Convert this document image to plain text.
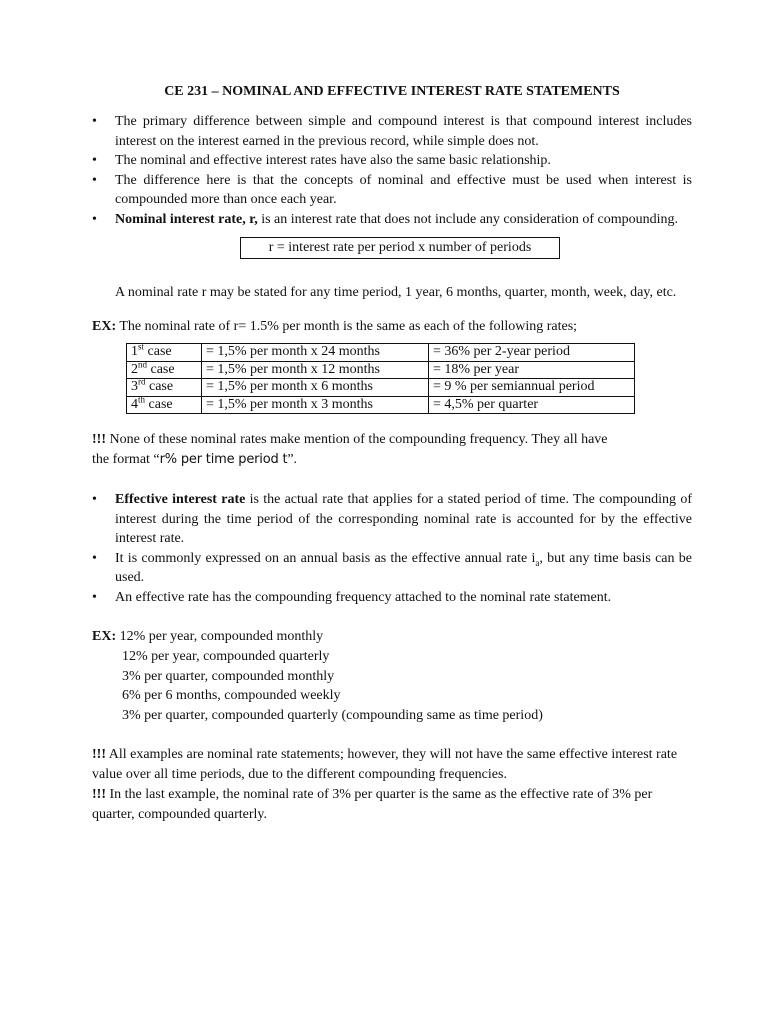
CE 231 – NOMINAL AND EFFECTIVE INTEREST RATE STATEMENTS
• The primary difference between simple and compound interest is that compound interest includes interest on the interest earned in the previous record, while simple does not.
• The nominal and effective interest rates have also the same basic relationship.
• The difference here is that the concepts of nominal and effective must be used when interest is compounded more than once each year.
• Nominal interest rate, r, is an interest rate that does not include any consideration of compounding.
r = interest rate per period x number of periods

A nominal rate r may be stated for any time period, 1 year, 6 months, quarter, month, week, day, etc.

EX: The nominal rate of r= 1.5% per month is the same as each of the following rates;

1st case	= 1,5% per month x 24 months	= 36% per 2-year period
2nd case	= 1,5% per month x 12 months	= 18% per year
3rd case	= 1,5% per month x 6 months	= 9 % per semiannual period
4th case	= 1,5% per month x 3 months	= 4,5% per quarter

!!! None of these nominal rates make mention of the compounding frequency. They all have
the format “r% per time period t”.

• Effective interest rate is the actual rate that applies for a stated period of time. The compounding of interest during the time period of the corresponding nominal rate is accounted for by the effective interest rate.
• It is commonly expressed on an annual basis as the effective annual rate $i_a$, but any time basis can be used.
• An effective rate has the compounding frequency attached to the nominal rate statement.

EX: 12% per year, compounded monthly

12% per year, compounded quarterly
3% per quarter, compounded monthly
6% per 6 months, compounded weekly
3% per quarter, compounded quarterly (compounding same as time period)

!!! All examples are nominal rate statements; however, they will not have the same effective interest rate value over all time periods, due to the different compounding frequencies.

!!! In the last example, the nominal rate of 3% per quarter is the same as the effective rate of 3% per quarter, compounded quarterly.
